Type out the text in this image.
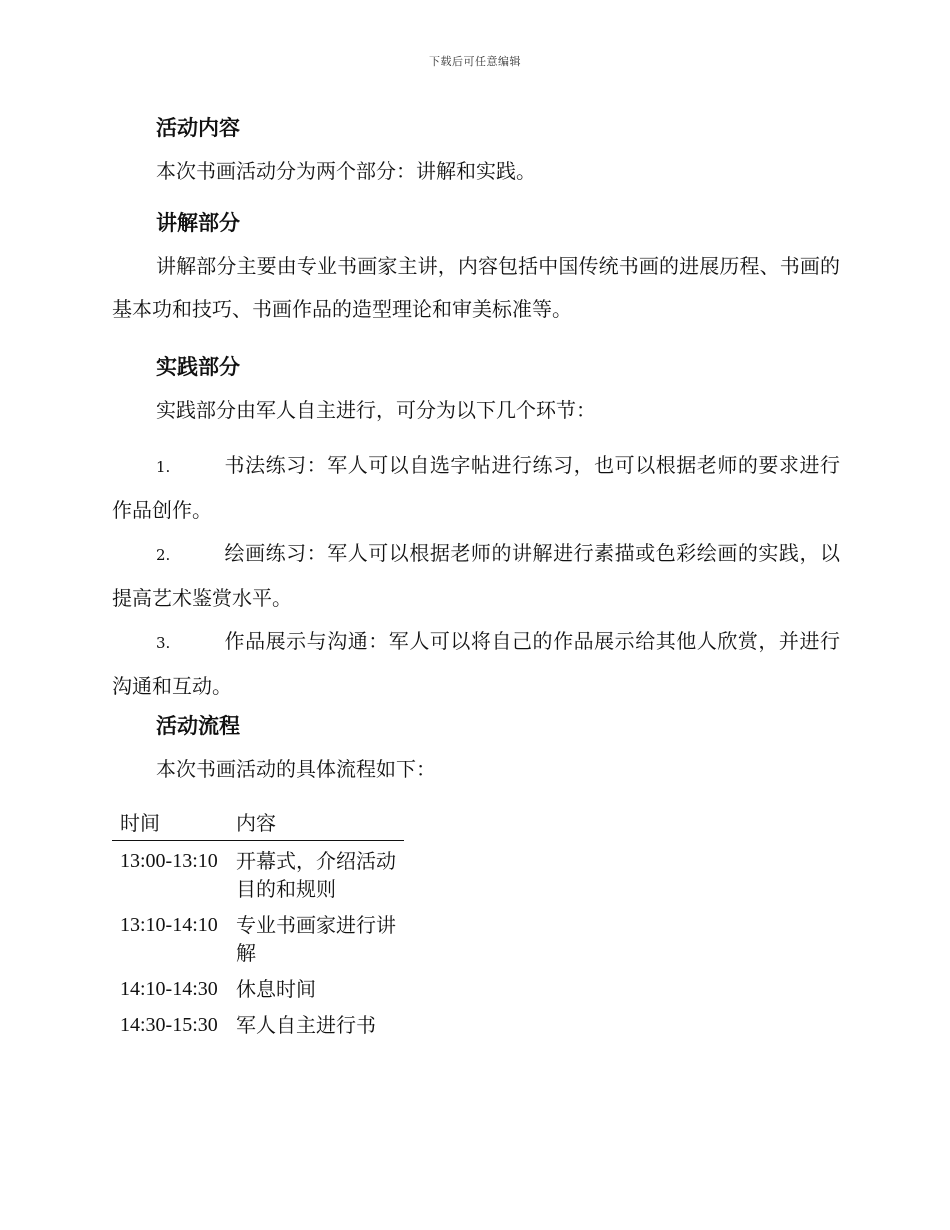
下载后可任意编辑
活动内容

本次书画活动分为两个部分：讲解和实践。

讲解部分

讲解部分主要由专业书画家主讲，内容包括中国传统书画的进展历程、书画的基本功和技巧、书画作品的造型理论和审美标准等。

实践部分

实践部分由军人自主进行，可分为以下几个环节：

1.	书法练习：军人可以自选字帖进行练习，也可以根据老师的要求进行作品创作。

2.	绘画练习：军人可以根据老师的讲解进行素描或色彩绘画的实践，以提高艺术鉴赏水平。

3.	作品展示与沟通：军人可以将自己的作品展示给其他人欣赏，并进行沟通和互动。

活动流程

本次书画活动的具体流程如下：

时间	内容
13:00-13:10	开幕式，介绍活动目的和规则
13:10-14:10	专业书画家进行讲解
14:10-14:30	休息时间
14:30-15:30	军人自主进行书
